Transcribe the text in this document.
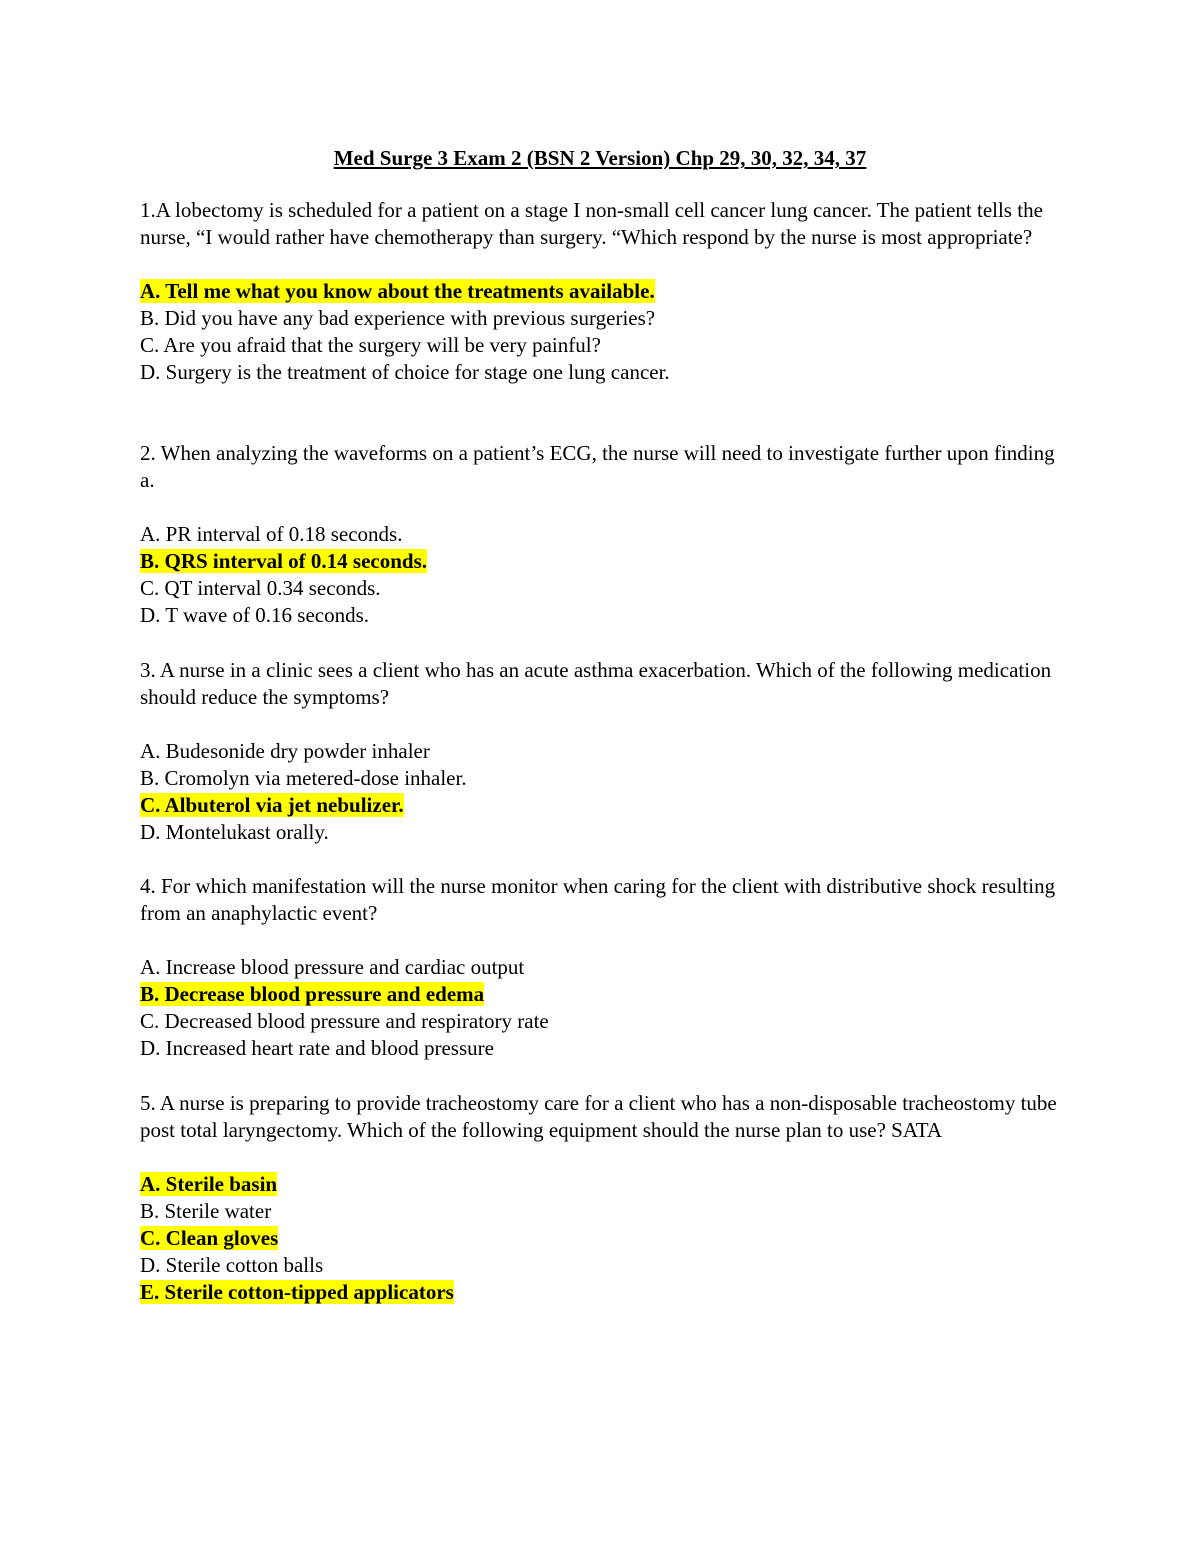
Med Surge 3 Exam 2 (BSN 2 Version) Chp 29, 30, 32, 34, 37

1.A lobectomy is scheduled for a patient on a stage I non-small cell cancer lung cancer. The patient tells the nurse, “I would rather have chemotherapy than surgery. “Which respond by the nurse is most appropriate?

A. Tell me what you know about the treatments available.
B. Did you have any bad experience with previous surgeries?
C. Are you afraid that the surgery will be very painful?
D. Surgery is the treatment of choice for stage one lung cancer.

2. When analyzing the waveforms on a patient’s ECG, the nurse will need to investigate further upon finding a.

A. PR interval of 0.18 seconds.
B. QRS interval of 0.14 seconds.
C. QT interval 0.34 seconds.
D. T wave of 0.16 seconds.

3. A nurse in a clinic sees a client who has an acute asthma exacerbation. Which of the following medication should reduce the symptoms?

A. Budesonide dry powder inhaler
B. Cromolyn via metered-dose inhaler.
C. Albuterol via jet nebulizer.
D. Montelukast orally.

4. For which manifestation will the nurse monitor when caring for the client with distributive shock resulting from an anaphylactic event?

A. Increase blood pressure and cardiac output
B. Decrease blood pressure and edema
C. Decreased blood pressure and respiratory rate
D. Increased heart rate and blood pressure

5. A nurse is preparing to provide tracheostomy care for a client who has a non-disposable tracheostomy tube post total laryngectomy. Which of the following equipment should the nurse plan to use? SATA

A. Sterile basin
B. Sterile water
C. Clean gloves
D. Sterile cotton balls
E. Sterile cotton-tipped applicators
